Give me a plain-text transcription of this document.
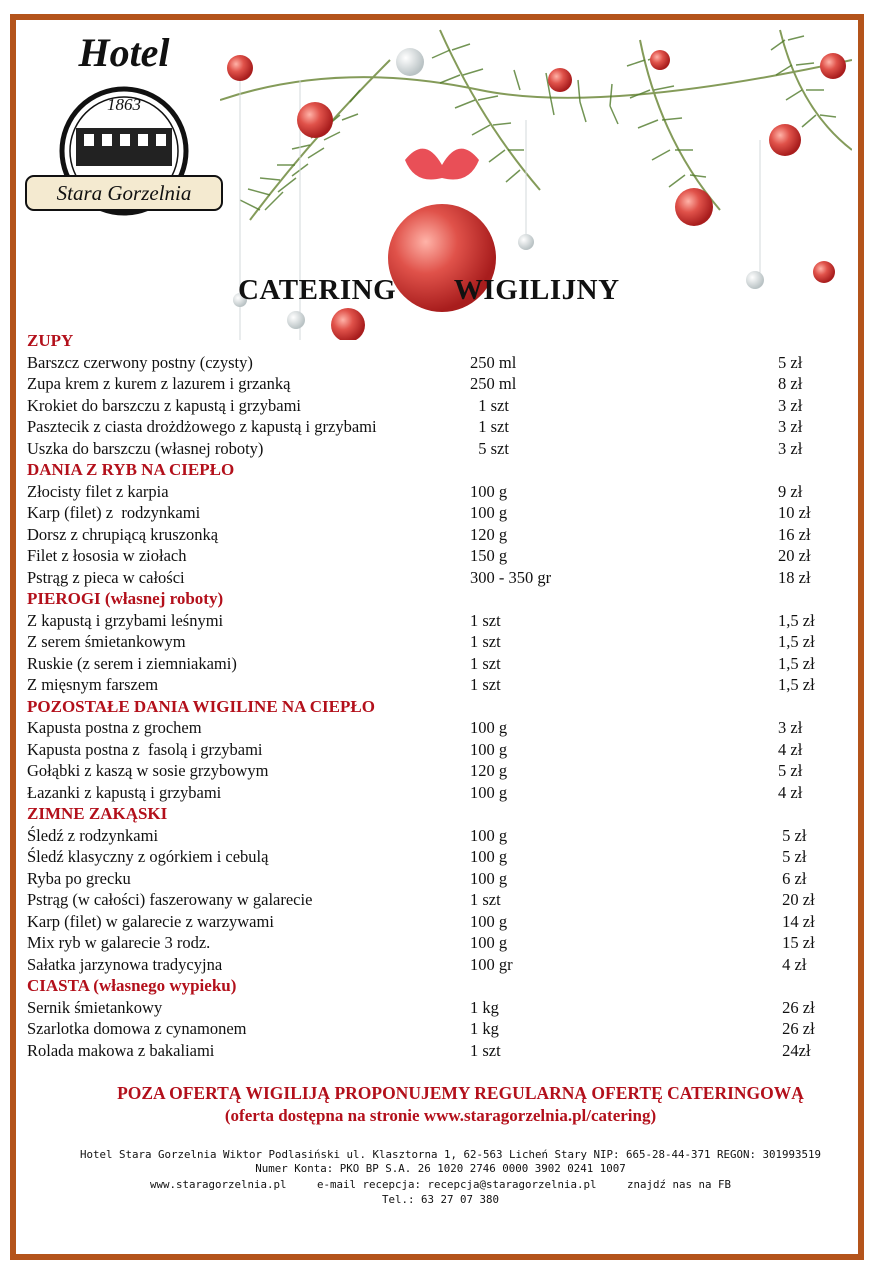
Hotel
1863
Stara Gorzelnia
CATERING WIGILIJNY
ZUPY
Barszcz czerwony postny (czysty)	250 ml	5 zł
Zupa krem z kurem z lazurem i grzanką	250 ml	8 zł
Krokiet do barszczu z kapustą i grzybami	1 szt	3 zł
Pasztecik z ciasta drożdżowego z kapustą i grzybami	1 szt	3 zł
Uszka do barszczu (własnej roboty)	5 szt	3 zł
DANIA Z RYB NA CIEPŁO
Złocisty filet z karpia	100 g	9 zł
Karp (filet) z  rodzynkami	100 g	10 zł
Dorsz z chrupiącą kruszonką	120 g	16 zł
Filet z łososia w ziołach	150 g	20 zł
Pstrąg z pieca w całości	300 - 350 gr	18 zł
PIEROGI (własnej roboty)
Z kapustą i grzybami leśnymi	1 szt	1,5 zł
Z serem śmietankowym	1 szt	1,5 zł
Ruskie (z serem i ziemniakami)	1 szt	1,5 zł
Z mięsnym farszem	1 szt	1,5 zł
POZOSTAŁE DANIA WIGILINE NA CIEPŁO
Kapusta postna z grochem	100 g	3 zł
Kapusta postna z  fasolą i grzybami	100 g	4 zł
Gołąbki z kaszą w sosie grzybowym	120 g	5 zł
Łazanki z kapustą i grzybami	100 g	4 zł
ZIMNE ZAKĄSKI
Śledź z rodzynkami	100 g	5 zł
Śledź klasyczny z ogórkiem i cebulą	100 g	5 zł
Ryba po grecku	100 g	6 zł
Pstrąg (w całości) faszerowany w galarecie	1 szt	20 zł
Karp (filet) w galarecie z warzywami	100 g	14 zł
Mix ryb w galarecie 3 rodz.	100 g	15 zł
Sałatka jarzynowa tradycyjna	100 gr	4 zł
CIASTA (własnego wypieku)
Sernik śmietankowy	1 kg	26 zł
Szarlotka domowa z cynamonem	1 kg	26 zł
Rolada makowa z bakaliami	1 szt	24zł
POZA OFERTĄ WIGILIJĄ PROPONUJEMY REGULARNĄ OFERTĘ CATERINGOWĄ
(oferta dostępna na stronie www.staragorzelnia.pl/catering)
Hotel Stara Gorzelnia Wiktor Podlasiński ul. Klasztorna 1, 62-563 Licheń Stary NIP: 665-28-44-371 REGON: 301993519
Numer Konta: PKO BP S.A. 26 1020 2746 0000 3902 0241 1007
www.staragorzelnia.pl	e-mail recepcja: recepcja@staragorzelnia.pl	znajdź nas na FB
Tel.: 63 27 07 380
